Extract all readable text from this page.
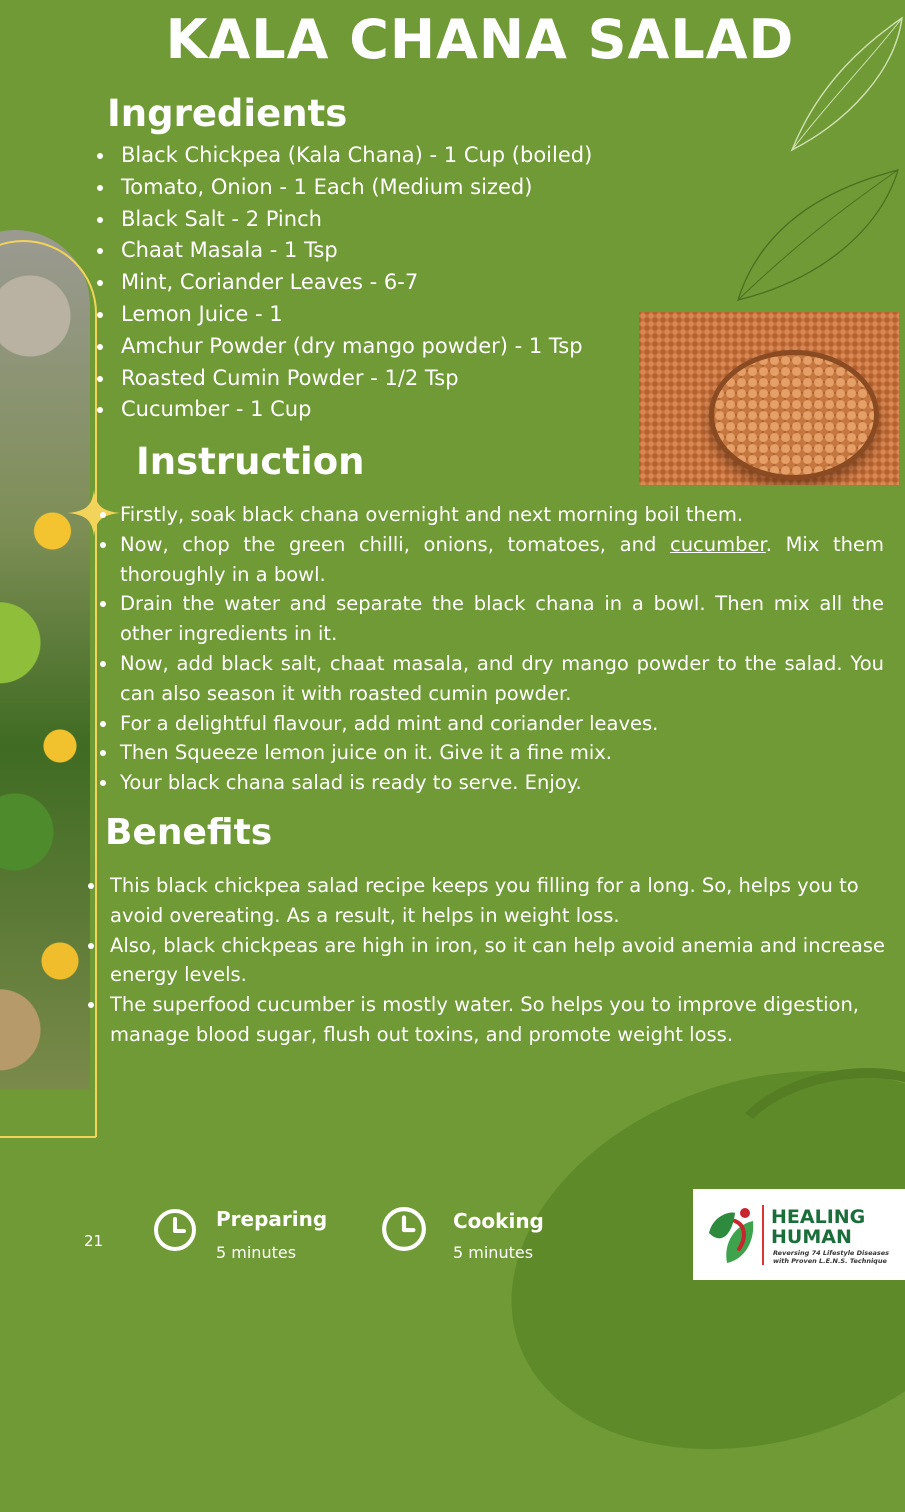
KALA CHANA SALAD
Ingredients
Black Chickpea (Kala Chana) - 1 Cup (boiled)
Tomato, Onion - 1 Each (Medium sized)
Black Salt - 2 Pinch
Chaat Masala - 1 Tsp
Mint, Coriander Leaves - 6-7
Lemon Juice - 1
Amchur Powder (dry mango powder) - 1 Tsp
Roasted Cumin Powder - 1/2 Tsp
Cucumber - 1 Cup
Instruction
Firstly, soak black chana overnight and next morning boil them.
Now, chop the green chilli, onions, tomatoes, and cucumber. Mix them thoroughly in a bowl.
Drain the water and separate the black chana in a bowl. Then mix all the other ingredients in it.
Now, add black salt, chaat masala, and dry mango powder to the salad. You can also season it with roasted cumin powder.
For a delightful flavour, add mint and coriander leaves.
Then Squeeze lemon juice on it. Give it a fine mix.
Your black chana salad is ready to serve. Enjoy.
Benefits
This black chickpea salad recipe keeps you filling for a long. So, helps you to avoid overeating. As a result, it helps in weight loss.
Also, black chickpeas are high in iron, so it can help avoid anemia and increase energy levels.
The superfood cucumber is mostly water. So helps you to improve digestion, manage blood sugar, flush out toxins, and promote weight loss.
21
Preparing
5 minutes
Cooking
5 minutes
HEALING
HUMAN
Reversing 74 Lifestyle Diseases with Proven L.E.N.S. Technique
